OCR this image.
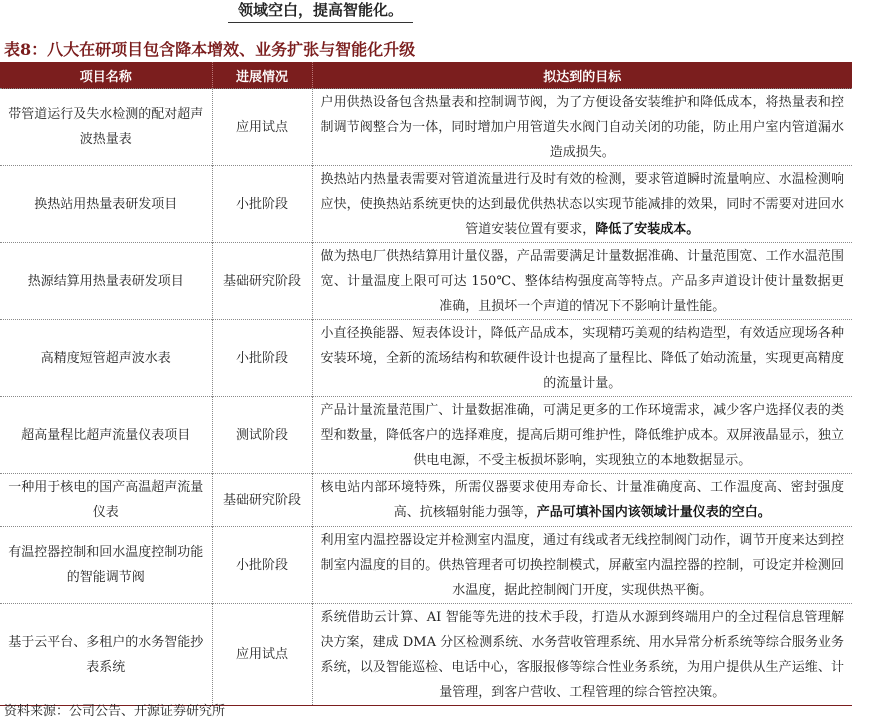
领域空白，提高智能化。
表8：八大在研项目包含降本增效、业务扩张与智能化升级
项目名称	进展情况	拟达到的目标
带管道运行及失水检测的配对超声波热量表	应用试点	户用供热设备包含热量表和控制调节阀，为了方便设备安装维护和降低成本，将热量表和控制调节阀整合为一体，同时增加户用管道失水阀门自动关闭的功能，防止用户室内管道漏水造成损失。
换热站用热量表研发项目	小批阶段	换热站内热量表需要对管道流量进行及时有效的检测，要求管道瞬时流量响应、水温检测响应快，使换热站系统更快的达到最优供热状态以实现节能减排的效果，同时不需要对进回水管道安装位置有要求，降低了安装成本。
热源结算用热量表研发项目	基础研究阶段	做为热电厂供热结算用计量仪器，产品需要满足计量数据准确、计量范围宽、工作水温范围宽、计量温度上限可可达 150℃、整体结构强度高等特点。产品多声道设计使计量数据更准确，且损坏一个声道的情况下不影响计量性能。
高精度短管超声波水表	小批阶段	小直径换能器、短表体设计，降低产品成本，实现精巧美观的结构造型，有效适应现场各种安装环境，全新的流场结构和软硬件设计也提高了量程比、降低了始动流量，实现更高精度的流量计量。
超高量程比超声流量仪表项目	测试阶段	产品计量流量范围广、计量数据准确，可满足更多的工作环境需求，减少客户选择仪表的类型和数量，降低客户的选择难度，提高后期可维护性，降低维护成本。双屏液晶显示，独立供电电源，不受主板损坏影响，实现独立的本地数据显示。
一种用于核电的国产高温超声流量仪表	基础研究阶段	核电站内部环境特殊，所需仪器要求使用寿命长、计量准确度高、工作温度高、密封强度高、抗核辐射能力强等，产品可填补国内该领域计量仪表的空白。
有温控器控制和回水温度控制功能的智能调节阀	小批阶段	利用室内温控器设定并检测室内温度，通过有线或者无线控制阀门动作，调节开度来达到控制室内温度的目的。供热管理者可切换控制模式，屏蔽室内温控器的控制，可设定并检测回水温度，据此控制阀门开度，实现供热平衡。
基于云平台、多租户的水务智能抄表系统	应用试点	系统借助云计算、AI 智能等先进的技术手段，打造从水源到终端用户的全过程信息管理解决方案，建成 DMA 分区检测系统、水务营收管理系统、用水异常分析系统等综合服务业务系统，以及智能巡检、电话中心，客服报修等综合性业务系统，为用户提供从生产运维、计量管理，到客户营收、工程管理的综合管控决策。
资料来源：公司公告、开源证券研究所
